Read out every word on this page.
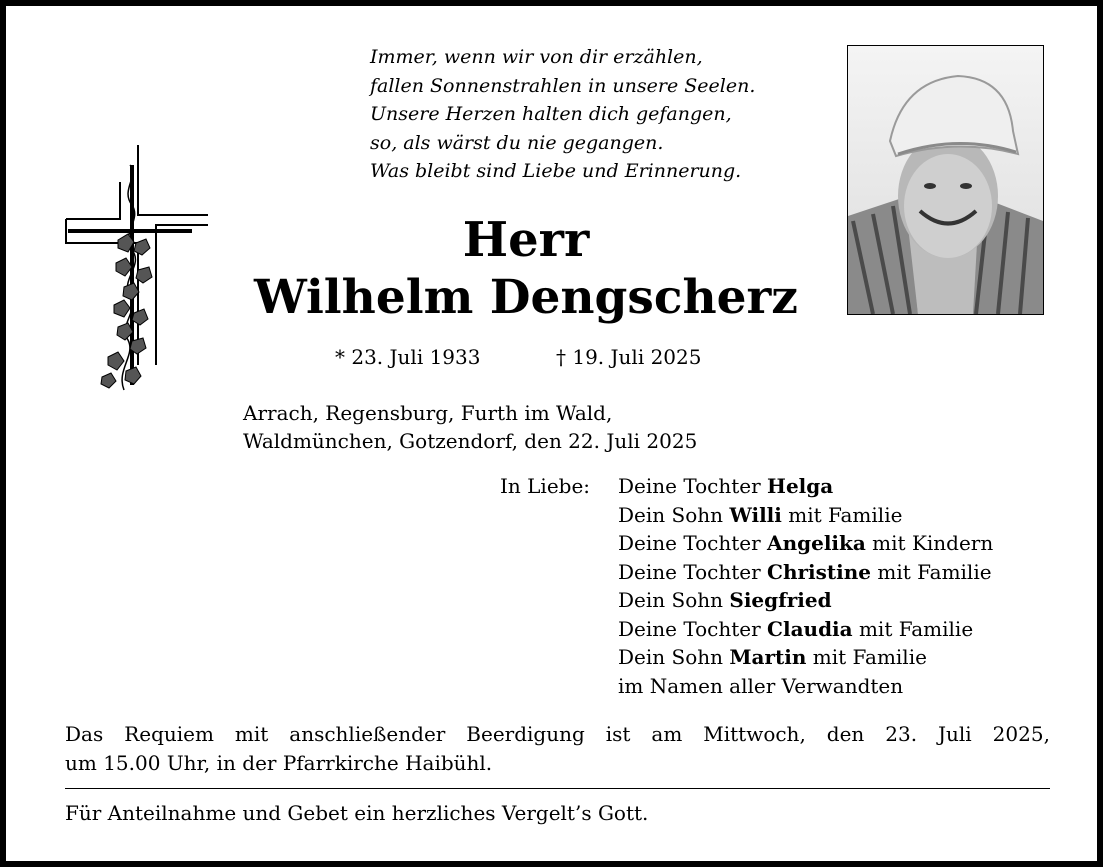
Immer, wenn wir von dir erzählen,
fallen Sonnenstrahlen in unsere Seelen.
Unsere Herzen halten dich gefangen,
so, als wärst du nie gegangen.
Was bleibt sind Liebe und Erinnerung.
Herr
Wilhelm Dengscherz
* 23. Juli 1933	† 19. Juli 2025
Arrach, Regensburg, Furth im Wald,
Waldmünchen, Gotzendorf, den 22. Juli 2025
In Liebe: Deine Tochter Helga
Dein Sohn Willi mit Familie
Deine Tochter Angelika mit Kindern
Deine Tochter Christine mit Familie
Dein Sohn Siegfried
Deine Tochter Claudia mit Familie
Dein Sohn Martin mit Familie
im Namen aller Verwandten
Das Requiem mit anschließender Beerdigung ist am Mittwoch, den 23. Juli 2025,
um 15.00 Uhr, in der Pfarrkirche Haibühl.
Für Anteilnahme und Gebet ein herzliches Vergelt’s Gott.
